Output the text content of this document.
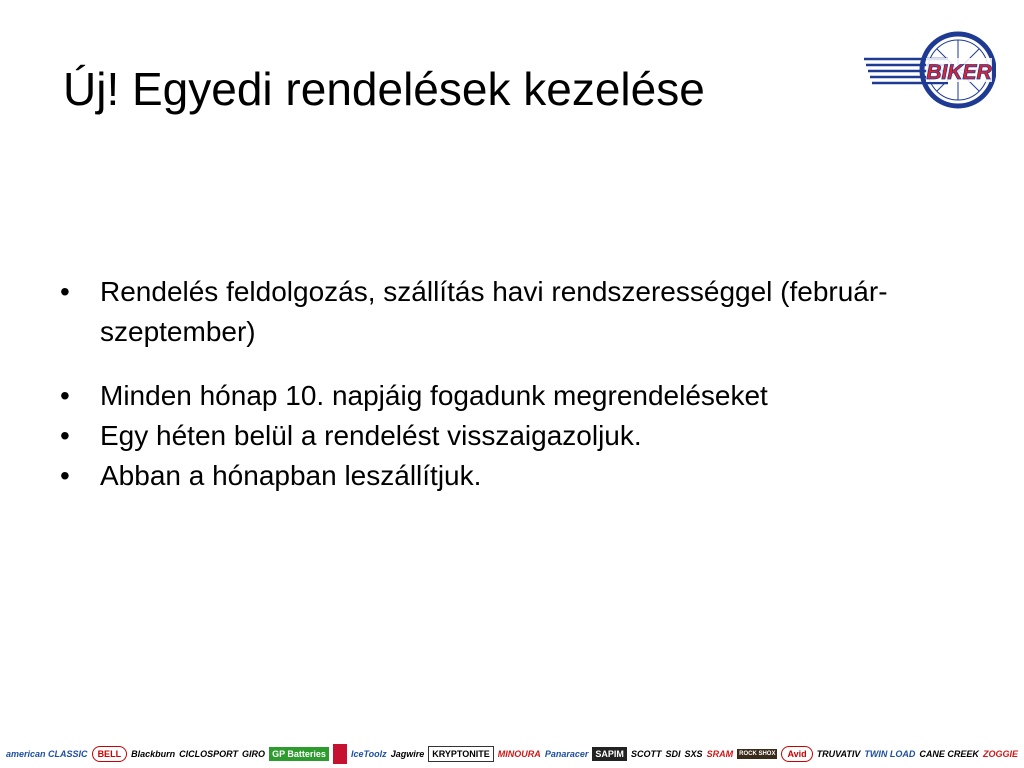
Új! Egyedi rendelések kezelése	BIKER
• Rendelés feldolgozás, szállítás havi rendszerességgel (február-szeptember)
• Minden hónap 10. napjáig fogadunk megrendeléseket
• Egy héten belül a rendelést visszaigazoljuk.
• Abban a hónapban leszállítjuk.
american CLASSIC	BELL	Blackburn CICLOSPORT GIRO GP Batteries	IceToolz Jagwire KRYPTONITE MINOURA Panaracer SAPIM SCOTT SDI SXS SRAM	ROCK SHOX	Avid	TRUVATIV TWIN LOAD CANE CREEK ZOGGIE
